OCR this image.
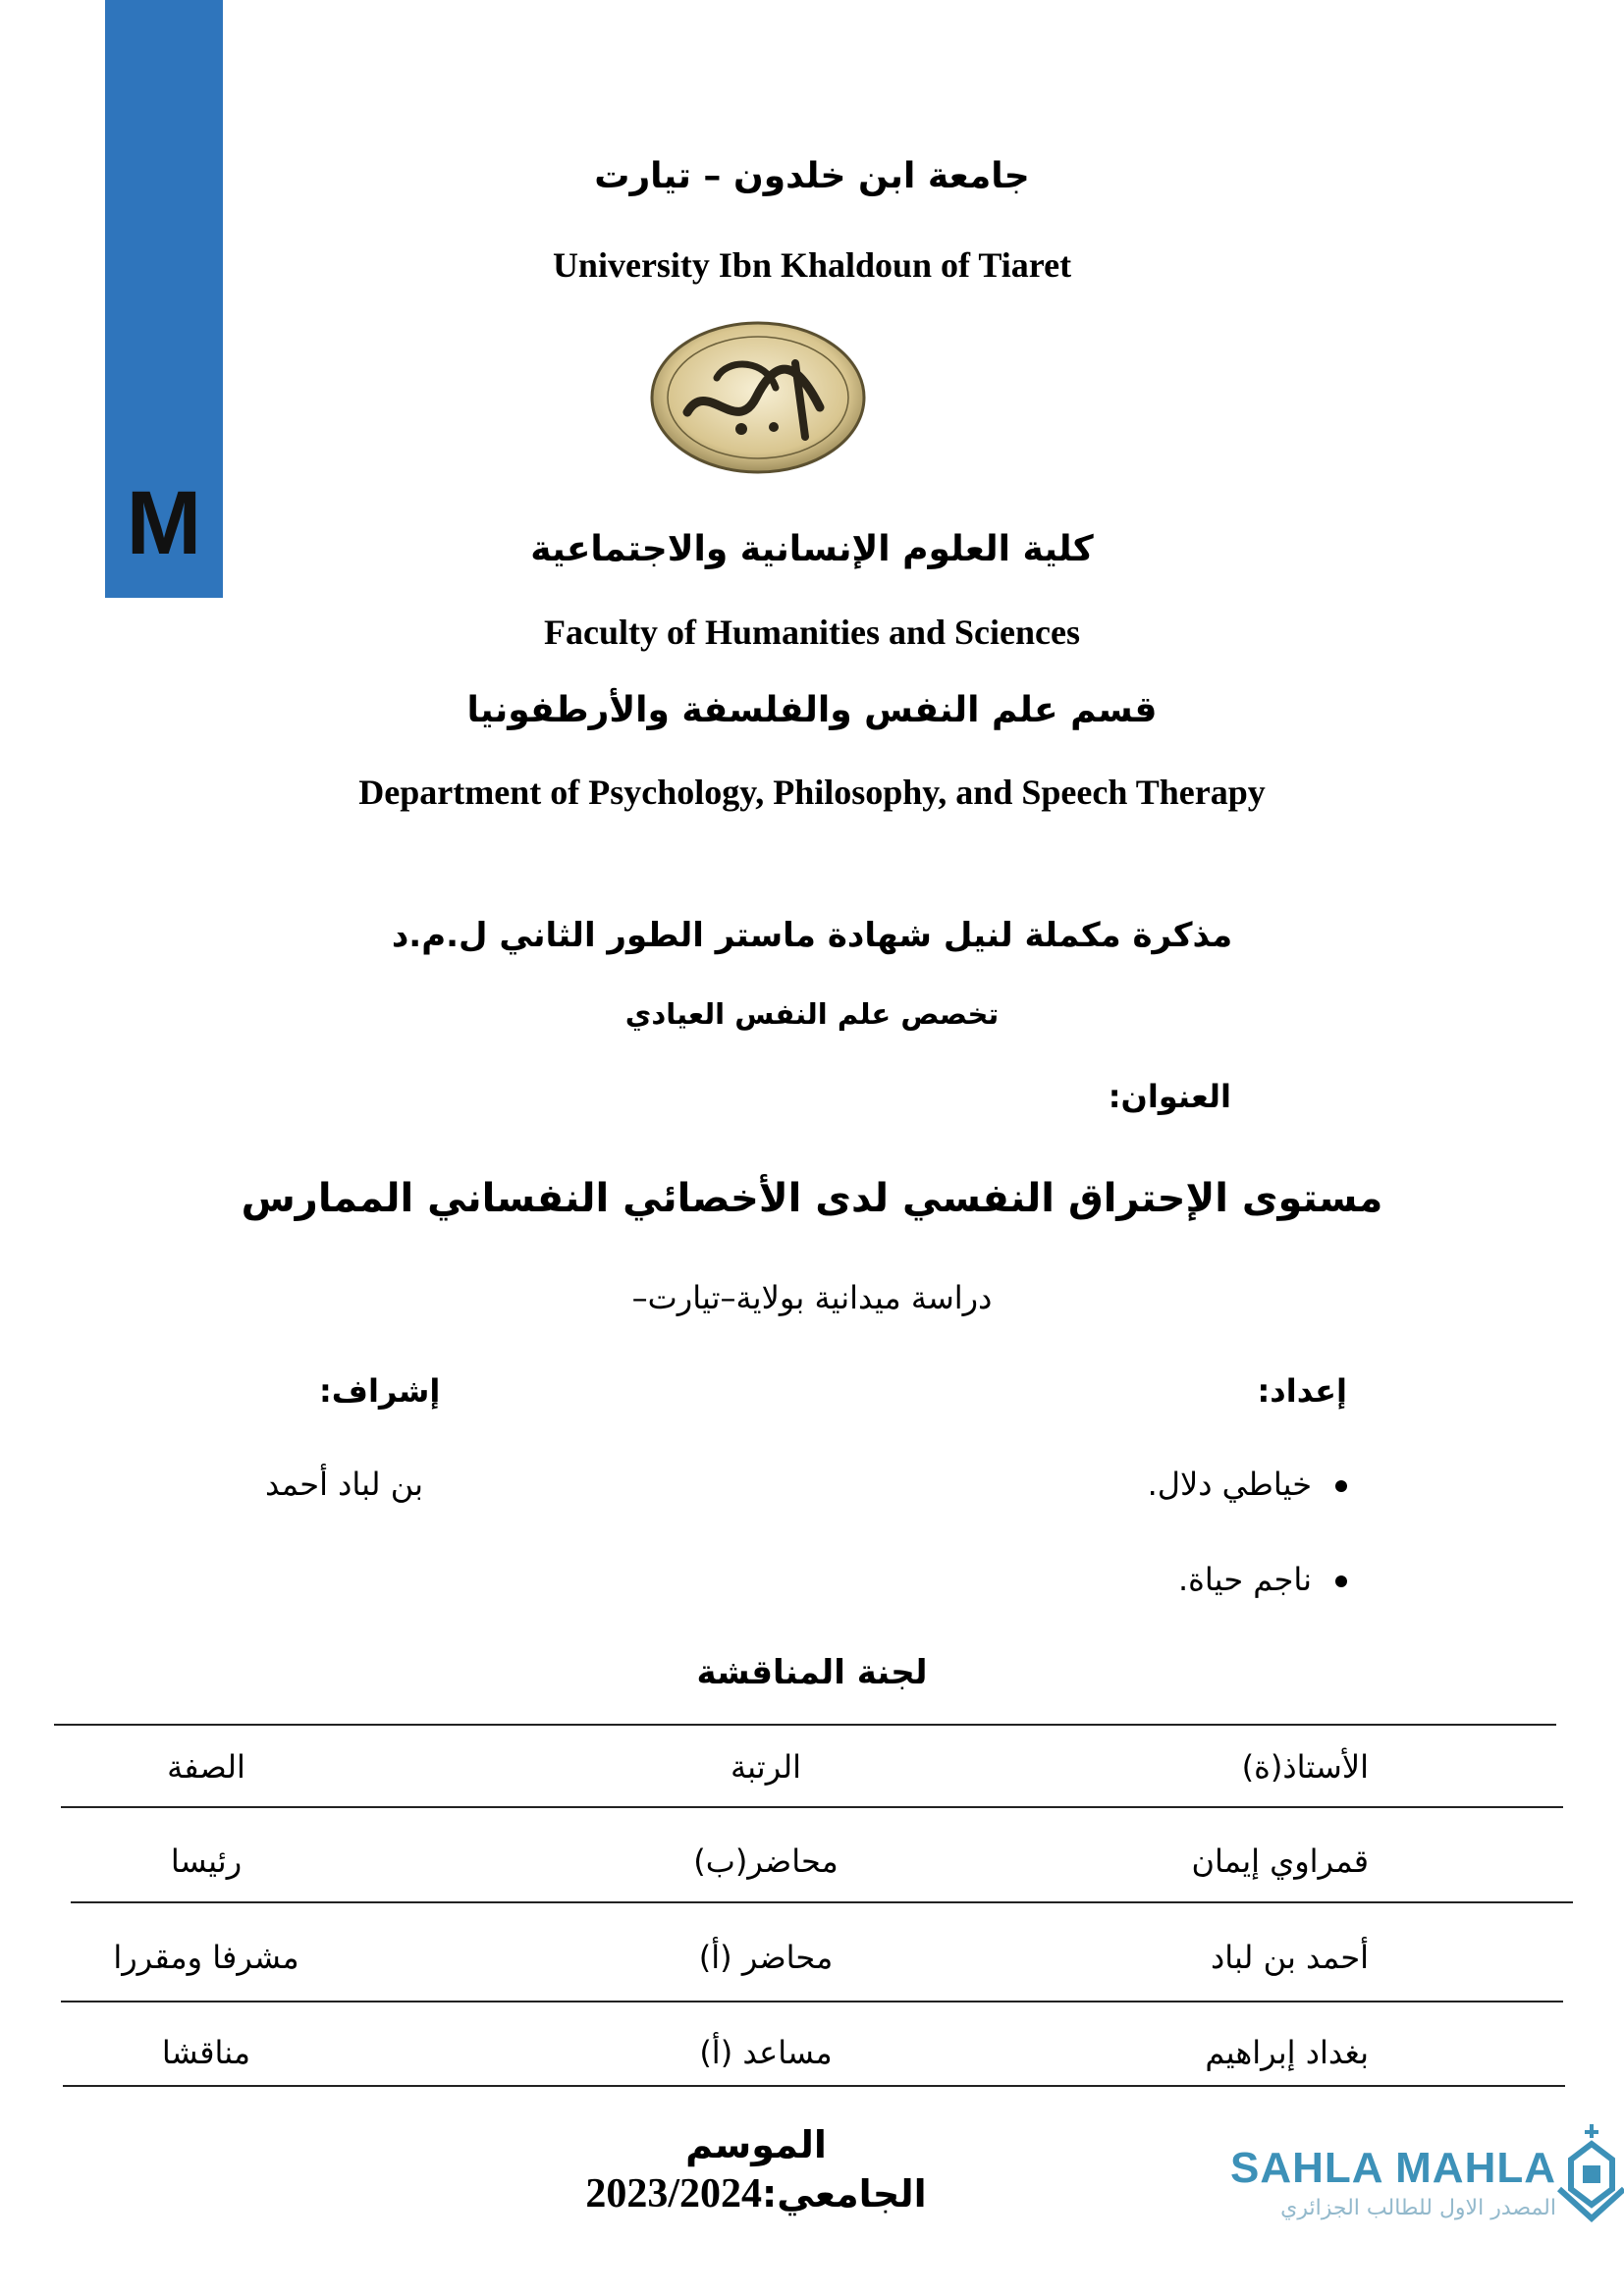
M
جامعة ابن خلدون – تيارت
University Ibn Khaldoun of Tiaret
كلية العلوم الإنسانية والاجتماعية
Faculty of Humanities and Sciences
قسم علم النفس والفلسفة والأرطفونيا
Department of Psychology, Philosophy, and Speech Therapy
مذكرة مكملة لنيل شهادة ماستر الطور الثاني ل.م.د
تخصص علم النفس العيادي
العنوان:
مستوى الإحتراق النفسي لدى الأخصائي النفساني الممارس
دراسة ميدانية بولاية–تيارت–
إعداد:
إشراف:
خياطي دلال.
ناجم حياة.
بن لباد أحمد
لجنة المناقشة
الأستاذ(ة)
الرتبة
الصفة
قمراوي إيمان
محاضر(ب)
رئيسا
أحمد بن لباد
محاضر (أ)
مشرفا ومقررا
بغداد إبراهيم
مساعد (أ)
مناقشا
الموسم الجامعي:2023/2024
SAHLA MAHLA
المصدر الاول للطالب الجزائري
